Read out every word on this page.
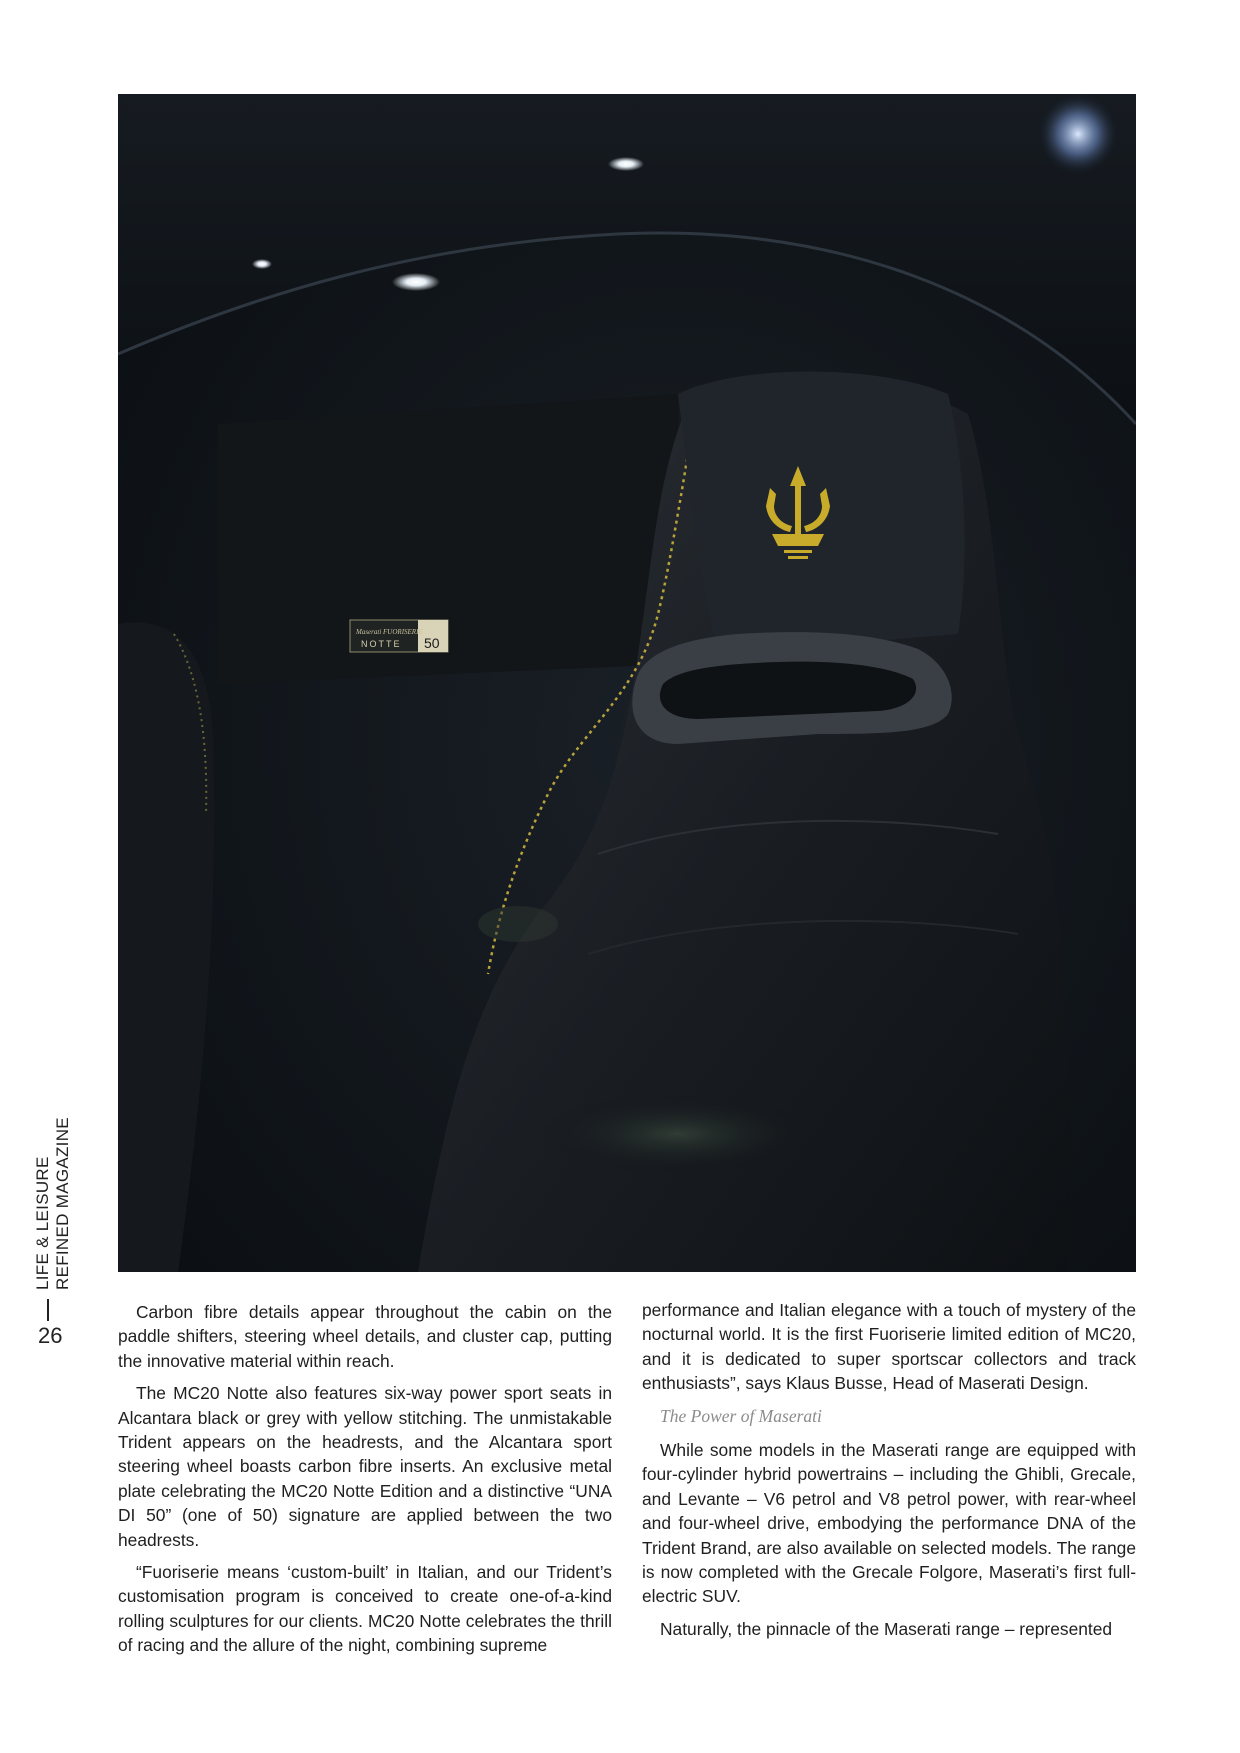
Maserati FUORISERIE
NOTTE 50
LIFE & LEISURE REFINED MAGAZINE
26

Carbon fibre details appear throughout the cabin on the paddle shifters, steering wheel details, and cluster cap, putting the innovative material within reach.

The MC20 Notte also features six-way power sport seats in Alcantara black or grey with yellow stitching. The unmistakable Trident appears on the headrests, and the Alcantara sport steering wheel boasts carbon fibre inserts. An exclusive metal plate celebrating the MC20 Notte Edition and a distinctive “UNA DI 50” (one of 50) signature are applied between the two headrests.

“Fuoriserie means ‘custom-built’ in Italian, and our Trident’s customisation program is conceived to create one-of-a-kind rolling sculptures for our clients. MC20 Notte celebrates the thrill of racing and the allure of the night, combining supreme

performance and Italian elegance with a touch of mystery of the nocturnal world. It is the first Fuoriserie limited edition of MC20, and it is dedicated to super sportscar collectors and track enthusiasts”, says Klaus Busse, Head of Maserati Design.

The Power of Maserati

While some models in the Maserati range are equipped with four-cylinder hybrid powertrains – including the Ghibli, Grecale, and Levante – V6 petrol and V8 petrol power, with rear-wheel and four-wheel drive, embodying the performance DNA of the Trident Brand, are also available on selected models. The range is now completed with the Grecale Folgore, Maserati’s first full-electric SUV.

Naturally, the pinnacle of the Maserati range – represented
